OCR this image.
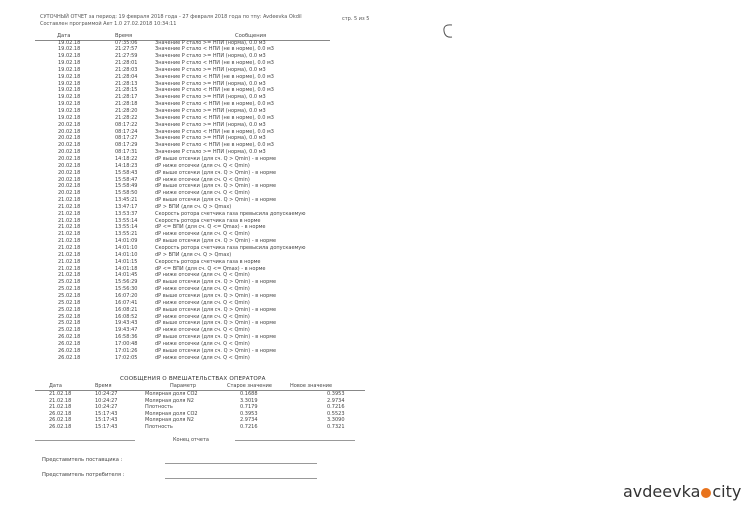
СУТОЧНЫЙ ОТЧЕТ за период: 19 февраля 2018 года - 27 февраля 2018 года по тпу: Avdeevka Okdil
Составлен программой Ает 1.0 27.02.2018 10:34:11
стр. 5 из 5
Дата	Время	Сообщения
19.02.18	07:35:06	Значение P стало >= НПИ (норма), 0.0 м3
19.02.18	21:27:57	Значение P стало < НПИ (не в норме), 0.0 м3
19.02.18	21:27:59	Значение P стало >= НПИ (норма), 0.0 м3
19.02.18	21:28:01	Значение P стало < НПИ (не в норме), 0.0 м3
19.02.18	21:28:03	Значение P стало >= НПИ (норма), 0.0 м3
19.02.18	21:28:04	Значение P стало < НПИ (не в норме), 0.0 м3
19.02.18	21:28:13	Значение P стало >= НПИ (норма), 0.0 м3
19.02.18	21:28:15	Значение P стало < НПИ (не в норме), 0.0 м3
19.02.18	21:28:17	Значение P стало >= НПИ (норма), 0.0 м3
19.02.18	21:28:18	Значение P стало < НПИ (не в норме), 0.0 м3
19.02.18	21:28:20	Значение P стало >= НПИ (норма), 0.0 м3
19.02.18	21:28:22	Значение P стало < НПИ (не в норме), 0.0 м3
20.02.18	08:17:22	Значение P стало >= НПИ (норма), 0.0 м3
20.02.18	08:17:24	Значение P стало < НПИ (не в норме), 0.0 м3
20.02.18	08:17:27	Значение P стало >= НПИ (норма), 0.0 м3
20.02.18	08:17:29	Значение P стало < НПИ (не в норме), 0.0 м3
20.02.18	08:17:31	Значение P стало >= НПИ (норма), 0.0 м3
20.02.18	14:18:22	dP выше отсечки (для сч. Q > Qmin) - в норме
20.02.18	14:18:23	dP ниже отсечки (для сч. Q < Qmin)
20.02.18	15:58:43	dP выше отсечки (для сч. Q > Qmin) - в норме
20.02.18	15:58:47	dP ниже отсечки (для сч. Q < Qmin)
20.02.18	15:58:49	dP выше отсечки (для сч. Q > Qmin) - в норме
20.02.18	15:58:50	dP ниже отсечки (для сч. Q < Qmin)
21.02.18	13:45:21	dP выше отсечки (для сч. Q > Qmin) - в норме
21.02.18	13:47:17	dP > ВПИ (для сч. Q > Qmax)
21.02.18	13:53:37	Скорость ротора счетчика газа превысила допускаемую
21.02.18	13:55:14	Скорость ротора счетчика газа в норме
21.02.18	13:55:14	dP <= ВПИ (для сч. Q <= Qmax) - в норме
21.02.18	13:55:21	dP ниже отсечки (для сч. Q < Qmin)
21.02.18	14:01:09	dP выше отсечки (для сч. Q > Qmin) - в норме
21.02.18	14:01:10	Скорость ротора счетчика газа превысила допускаемую
21.02.18	14:01:10	dP > ВПИ (для сч. Q > Qmax)
21.02.18	14:01:15	Скорость ротора счетчика газа в норме
21.02.18	14:01:18	dP <= ВПИ (для сч. Q <= Qmax) - в норме
21.02.18	14:01:45	dP ниже отсечки (для сч. Q < Qmin)
25.02.18	15:56:29	dP выше отсечки (для сч. Q > Qmin) - в норме
25.02.18	15:56:30	dP ниже отсечки (для сч. Q < Qmin)
25.02.18	16:07:20	dP выше отсечки (для сч. Q > Qmin) - в норме
25.02.18	16:07:41	dP ниже отсечки (для сч. Q < Qmin)
25.02.18	16:08:21	dP выше отсечки (для сч. Q > Qmin) - в норме
25.02.18	16:08:52	dP ниже отсечки (для сч. Q < Qmin)
25.02.18	19:43:43	dP выше отсечки (для сч. Q > Qmin) - в норме
25.02.18	19:43:47	dP ниже отсечки (для сч. Q < Qmin)
26.02.18	16:58:36	dP выше отсечки (для сч. Q > Qmin) - в норме
26.02.18	17:00:48	dP ниже отсечки (для сч. Q < Qmin)
26.02.18	17:01:26	dP выше отсечки (для сч. Q > Qmin) - в норме
26.02.18	17:02:05	dP ниже отсечки (для сч. Q < Qmin)
СООБЩЕНИЯ О ВМЕШАТЕЛЬСТВАХ ОПЕРАТОРА
Дата	Время	Параметр	Старое значение	Новое значение
21.02.18	10:24:27	Молярная доля CO2	0.1688	0.3953
21.02.18	10:24:27	Молярная доля N2	3.3019	2.9734
21.02.18	10:24:27	Плотность	0.7179	0.7216
26.02.18	15:17:43	Молярная доля CO2	0.3953	0.5523
26.02.18	15:17:43	Молярная доля N2	2.9734	3.3090
26.02.18	15:17:43	Плотность	0.7216	0.7321
Конец отчета
Представитель поставщика :
Представитель потребителя :
avdeevka city
